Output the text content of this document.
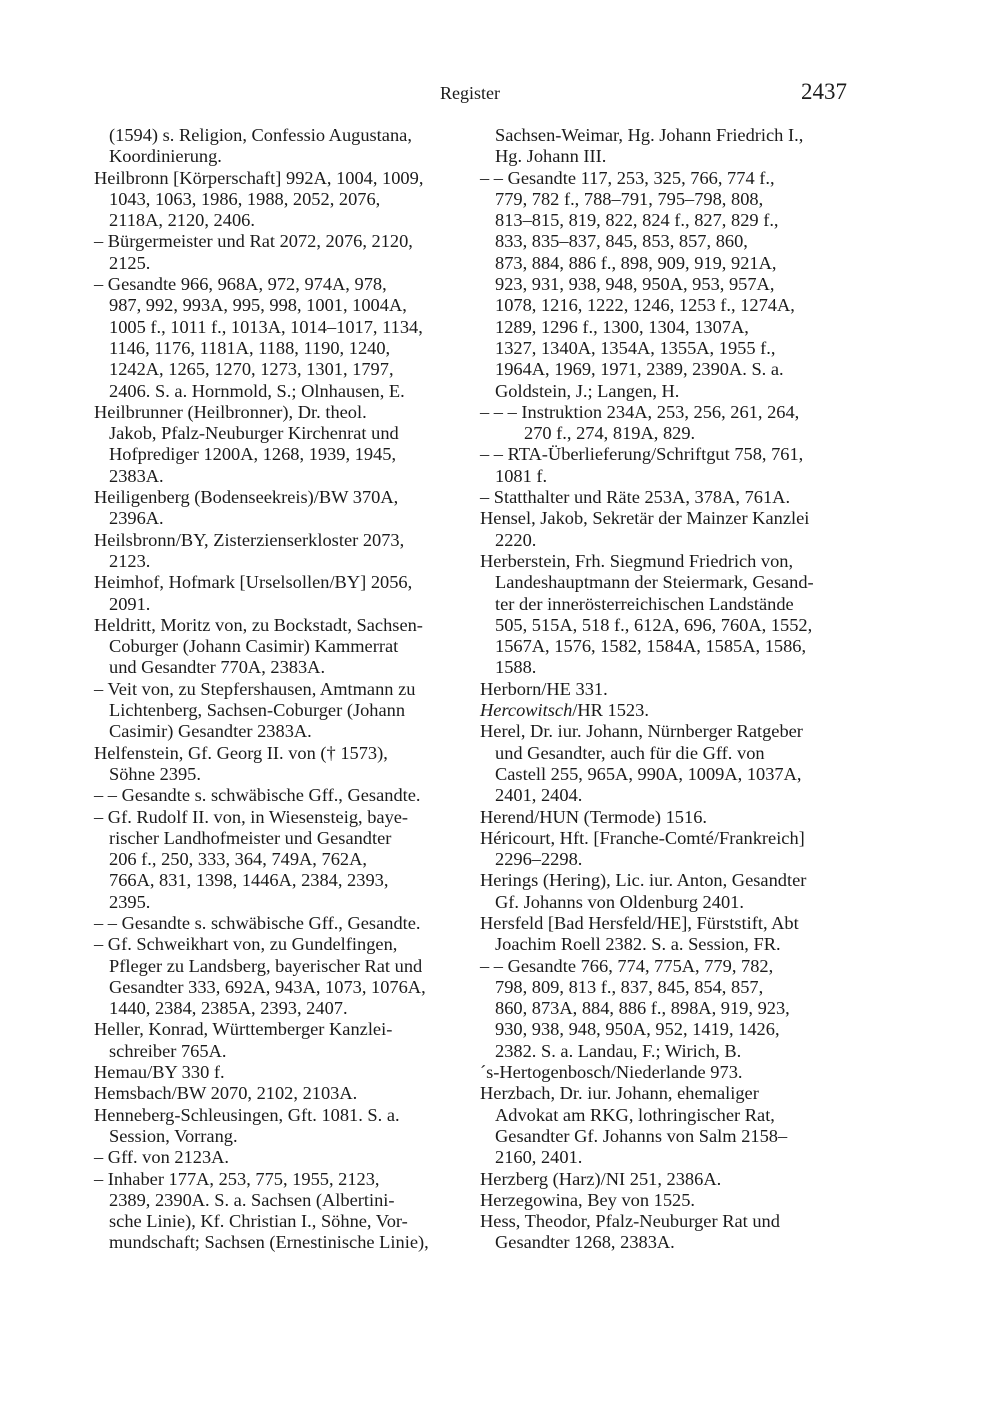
Register	2437
(1594) s. Religion, Confessio Augustana,
Koordinierung.
Heilbronn [Körperschaft] 992A, 1004, 1009,
1043, 1063, 1986, 1988, 2052, 2076,
2118A, 2120, 2406.
– Bürgermeister und Rat 2072, 2076, 2120,
2125.
– Gesandte 966, 968A, 972, 974A, 978,
987, 992, 993A, 995, 998, 1001, 1004A,
1005 f., 1011 f., 1013A, 1014–1017, 1134,
1146, 1176, 1181A, 1188, 1190, 1240,
1242A, 1265, 1270, 1273, 1301, 1797,
2406. S. a. Hornmold, S.; Olnhausen, E.
Heilbrunner (Heilbronner), Dr. theol.
Jakob, Pfalz-Neuburger Kirchenrat und
Hofprediger 1200A, 1268, 1939, 1945,
2383A.
Heiligenberg (Bodenseekreis)/BW 370A,
2396A.
Heilsbronn/BY, Zisterzienserkloster 2073,
2123.
Heimhof, Hofmark [Urselsollen/BY] 2056,
2091.
Heldritt, Moritz von, zu Bockstadt, Sachsen-
Coburger (Johann Casimir) Kammerrat
und Gesandter 770A, 2383A.
– Veit von, zu Stepfershausen, Amtmann zu
Lichtenberg, Sachsen-Coburger (Johann
Casimir) Gesandter 2383A.
Helfenstein, Gf. Georg II. von († 1573),
Söhne 2395.
– – Gesandte s. schwäbische Gff., Gesandte.
– Gf. Rudolf II. von, in Wiesensteig, baye-
rischer Landhofmeister und Gesandter
206 f., 250, 333, 364, 749A, 762A,
766A, 831, 1398, 1446A, 2384, 2393,
2395.
– – Gesandte s. schwäbische Gff., Gesandte.
– Gf. Schweikhart von, zu Gundelfingen,
Pfleger zu Landsberg, bayerischer Rat und
Gesandter 333, 692A, 943A, 1073, 1076A,
1440, 2384, 2385A, 2393, 2407.
Heller, Konrad, Württemberger Kanzlei-
schreiber 765A.
Hemau/BY 330 f.
Hemsbach/BW 2070, 2102, 2103A.
Henneberg-Schleusingen, Gft. 1081. S. a.
Session, Vorrang.
– Gff. von 2123A.
– Inhaber 177A, 253, 775, 1955, 2123,
2389, 2390A. S. a. Sachsen (Albertini-
sche Linie), Kf. Christian I., Söhne, Vor-
mundschaft; Sachsen (Ernestinische Linie),
Sachsen-Weimar, Hg. Johann Friedrich I.,
Hg. Johann III.
– – Gesandte 117, 253, 325, 766, 774 f.,
779, 782 f., 788–791, 795–798, 808,
813–815, 819, 822, 824 f., 827, 829 f.,
833, 835–837, 845, 853, 857, 860,
873, 884, 886 f., 898, 909, 919, 921A,
923, 931, 938, 948, 950A, 953, 957A,
1078, 1216, 1222, 1246, 1253 f., 1274A,
1289, 1296 f., 1300, 1304, 1307A,
1327, 1340A, 1354A, 1355A, 1955 f.,
1964A, 1969, 1971, 2389, 2390A. S. a.
Goldstein, J.; Langen, H.
– – – Instruktion 234A, 253, 256, 261, 264,
270 f., 274, 819A, 829.
– – RTA-Überlieferung/Schriftgut 758, 761,
1081 f.
– Statthalter und Räte 253A, 378A, 761A.
Hensel, Jakob, Sekretär der Mainzer Kanzlei
2220.
Herberstein, Frh. Siegmund Friedrich von,
Landeshauptmann der Steiermark, Gesand-
ter der innerösterreichischen Landstände
505, 515A, 518 f., 612A, 696, 760A, 1552,
1567A, 1576, 1582, 1584A, 1585A, 1586,
1588.
Herborn/HE 331.
Hercowitsch/HR 1523.
Herel, Dr. iur. Johann, Nürnberger Ratgeber
und Gesandter, auch für die Gff. von
Castell 255, 965A, 990A, 1009A, 1037A,
2401, 2404.
Herend/HUN (Termode) 1516.
Héricourt, Hft. [Franche-Comté/Frankreich]
2296–2298.
Herings (Hering), Lic. iur. Anton, Gesandter
Gf. Johanns von Oldenburg 2401.
Hersfeld [Bad Hersfeld/HE], Fürststift, Abt
Joachim Roell 2382. S. a. Session, FR.
– – Gesandte 766, 774, 775A, 779, 782,
798, 809, 813 f., 837, 845, 854, 857,
860, 873A, 884, 886 f., 898A, 919, 923,
930, 938, 948, 950A, 952, 1419, 1426,
2382. S. a. Landau, F.; Wirich, B.
´s-Hertogenbosch/Niederlande 973.
Herzbach, Dr. iur. Johann, ehemaliger
Advokat am RKG, lothringischer Rat,
Gesandter Gf. Johanns von Salm 2158–
2160, 2401.
Herzberg (Harz)/NI 251, 2386A.
Herzegowina, Bey von 1525.
Hess, Theodor, Pfalz-Neuburger Rat und
Gesandter 1268, 2383A.
